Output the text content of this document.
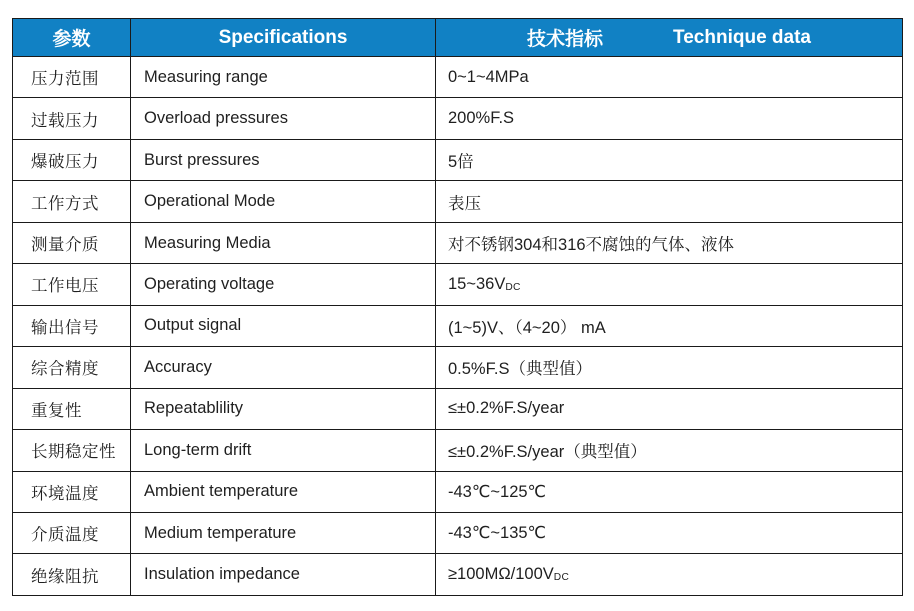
参数	Specifications	技术指标 Technique data

压力范围	Measuring range	0~1~4MPa
过载压力	Overload pressures	200%F.S
爆破压力	Burst pressures	5倍
工作方式	Operational Mode	表压
测量介质	Measuring Media	对不锈钢304和316不腐蚀的气体、液体
工作电压	Operating voltage	15~36VDC
输出信号	Output signal	(1~5)V、（4~20） mA
综合精度	Accuracy	0.5%F.S（典型值）
重复性	Repeatablility	≤±0.2%F.S/year
长期稳定性	Long-term drift	≤±0.2%F.S/year（典型值）
环境温度	Ambient temperature	-43℃~125℃
介质温度	Medium temperature	-43℃~135℃
绝缘阻抗	Insulation impedance	≥100MΩ/100VDC
